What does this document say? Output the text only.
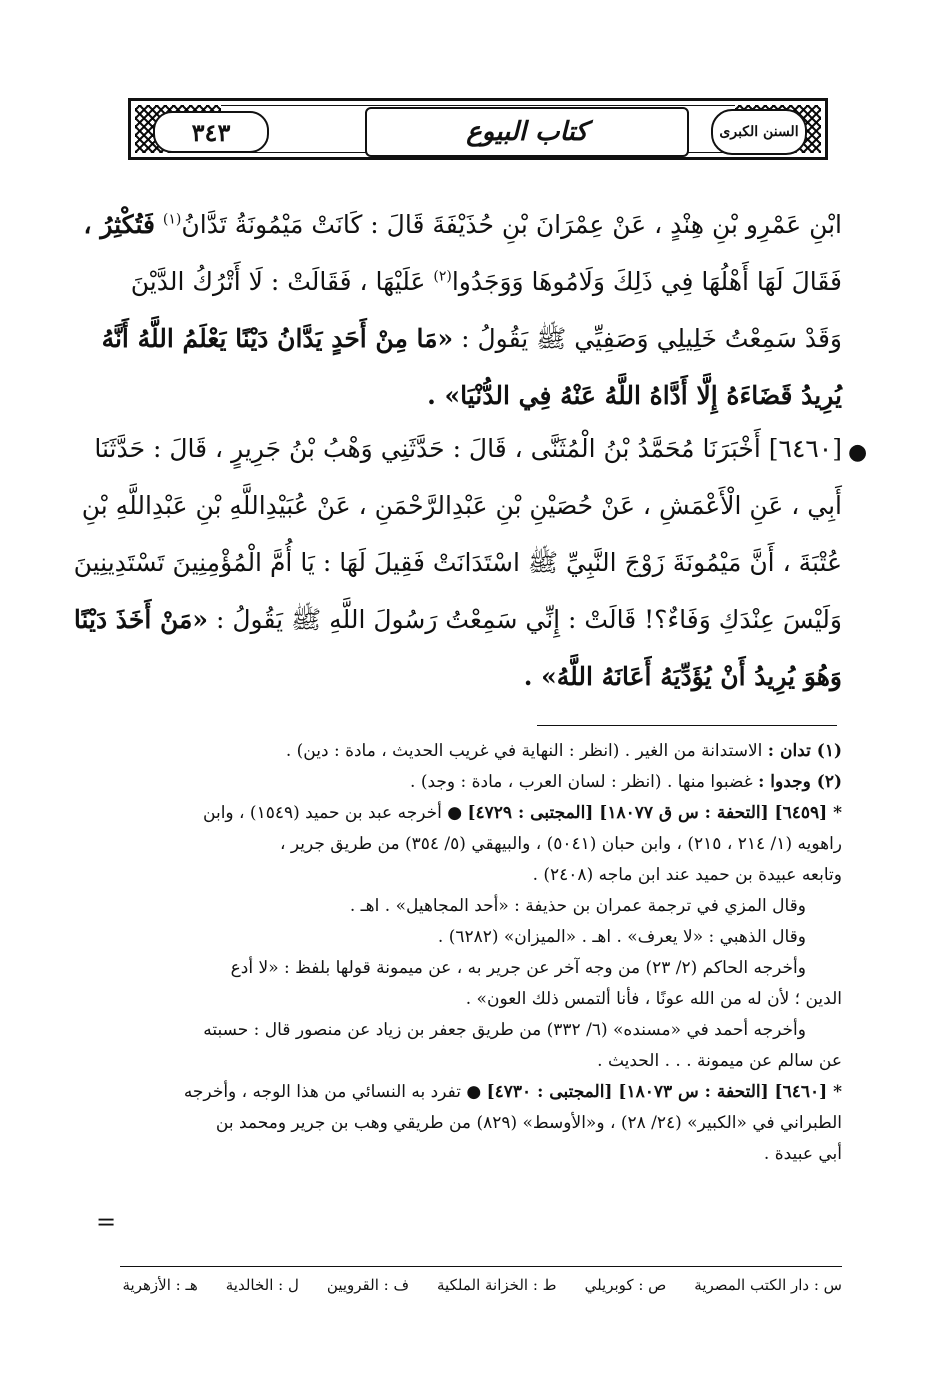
٣٤٣	كتاب البيوع	السنن الكبرى
ابْنِ عَمْرِو بْنِ هِنْدٍ ، عَنْ عِمْرَانَ بْنِ حُذَيْفَةَ قَالَ : كَانَتْ مَيْمُونَةُ تَدَّانُ$^{(١)}$ فَتُكْثِرُ ،
فَقَالَ لَهَا أَهْلُهَا فِي ذَلِكَ وَلَامُوهَا وَوَجَدُوا$^{(٢)}$ عَلَيْهَا ، فَقَالَتْ : لَا أَتْرُكُ الدَّيْنَ
وَقَدْ سَمِعْتُ خَلِيلِي وَصَفِيِّي ﷺ يَقُولُ : «مَا مِنْ أَحَدٍ يَدَّانُ دَيْنًا يَعْلَمُ اللَّهُ أَنَّهُ
يُرِيدُ قَضَاءَهُ إِلَّا أَدَّاهُ اللَّهُ عَنْهُ فِي الدُّنْيَا» .
●
[٦٤٦٠] أَخْبَرَنَا مُحَمَّدُ بْنُ الْمُثَنَّى ، قَالَ : حَدَّثَنِي وَهْبُ بْنُ جَرِيرٍ ، قَالَ : حَدَّثَنَا
أَبِي ، عَنِ الْأَعْمَشِ ، عَنْ حُصَيْنِ بْنِ عَبْدِالرَّحْمَنِ ، عَنْ عُبَيْدِاللَّهِ بْنِ عَبْدِاللَّهِ بْنِ
عُتْبَةَ ، أَنَّ مَيْمُونَةَ زَوْجَ النَّبِيِّ ﷺ اسْتَدَانَتْ فَقِيلَ لَهَا : يَا أُمَّ الْمُؤْمِنِينَ تَسْتَدِينِينَ
وَلَيْسَ عِنْدَكِ وَفَاءٌ؟! قَالَتْ : إِنِّي سَمِعْتُ رَسُولَ اللَّهِ ﷺ يَقُولُ : «مَنْ أَخَذَ دَيْنًا
وَهُوَ يُرِيدُ أَنْ يُؤَدِّيَهُ أَعَانَهُ اللَّهُ» .
(١) تدان : الاستدانة من الغير . (انظر : النهاية في غريب الحديث ، مادة : دين) .
(٢) وجدوا : غضبوا منها . (انظر : لسان العرب ، مادة : وجد) .
* [٦٤٥٩] [التحفة : س ق ١٨٠٧٧] [المجتبى : ٤٧٢٩] ● أخرجه عبد بن حميد (١٥٤٩) ، وابن
راهويه (١/ ٢١٤ ، ٢١٥) ، وابن حبان (٥٠٤١) ، والبيهقي (٥/ ٣٥٤) من طريق جرير ،
وتابعه عبيدة بن حميد عند ابن ماجه (٢٤٠٨) .
وقال المزي في ترجمة عمران بن حذيفة : «أحد المجاهيل» . اهـ .
وقال الذهبي : «لا يعرف» . اهـ . «الميزان» (٦٢٨٢) .
وأخرجه الحاكم (٢/ ٢٣) من وجه آخر عن جرير به ، عن ميمونة قولها بلفظ : «لا أدع
الدين ؛ لأن له من الله عونًا ، فأنا ألتمس ذلك العون» .
وأخرجه أحمد في «مسنده» (٦/ ٣٣٢) من طريق جعفر بن زياد عن منصور قال : حسبته
عن سالم عن ميمونة . . . الحديث .
* [٦٤٦٠] [التحفة : س ١٨٠٧٣] [المجتبى : ٤٧٣٠] ● تفرد به النسائي من هذا الوجه ، وأخرجه
الطبراني في «الكبير» (٢٤/ ٢٨) ، و«الأوسط» (٨٢٩) من طريقي وهب بن جرير ومحمد بن
أبي عبيدة .
=
س : دار الكتب المصرية
ص : كوبريلي
ط : الخزانة الملكية
ف : القرويين
ل : الخالدية
هـ : الأزهرية
